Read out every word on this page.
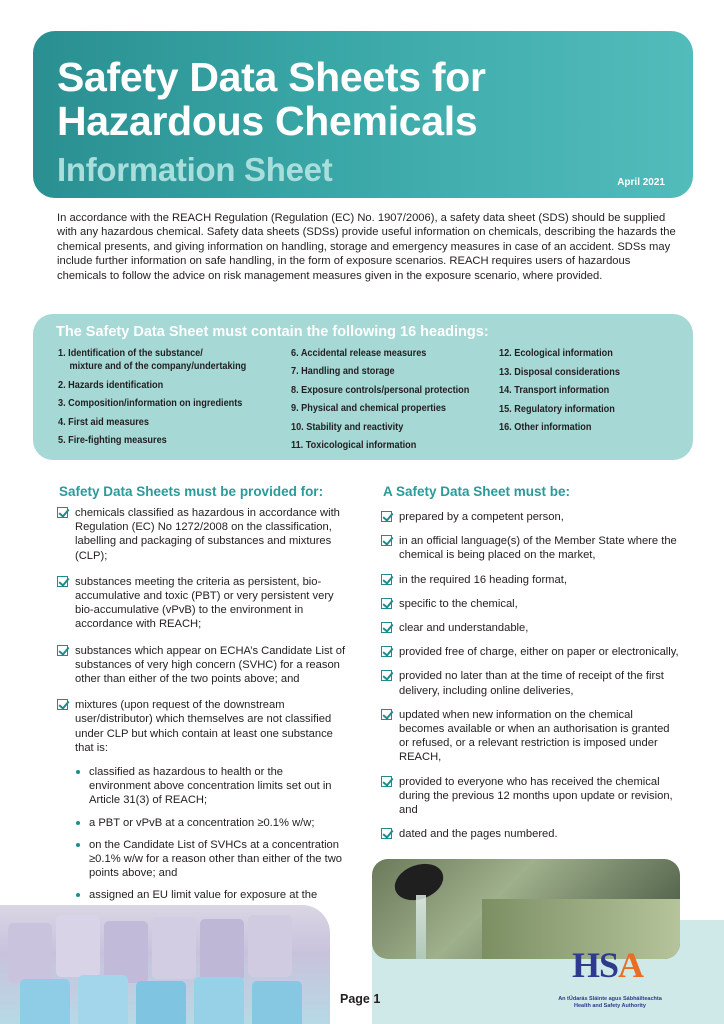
Safety Data Sheets for Hazardous Chemicals
Information Sheet	April 2021

In accordance with the REACH Regulation (Regulation (EC) No. 1907/2006), a safety data sheet (SDS) should be supplied with any hazardous chemical. Safety data sheets (SDSs) provide useful information on chemicals, describing the hazards the chemical presents, and giving information on handling, storage and emergency measures in case of an accident. SDSs may include further information on safe handling, in the form of exposure scenarios. REACH requires users of hazardous chemicals to follow the advice on risk management measures given in the exposure scenario, where provided.

The Safety Data Sheet must contain the following 16 headings:
1. Identification of the substance/
mixture and of the company/undertaking
2. Hazards identification
3. Composition/information on ingredients
4. First aid measures
5. Fire-fighting measures
6. Accidental release measures
7. Handling and storage
8. Exposure controls/personal protection
9. Physical and chemical properties
10. Stability and reactivity
11. Toxicological information
12. Ecological information
13. Disposal considerations
14. Transport information
15. Regulatory information
16. Other information
Safety Data Sheets must be provided for:
chemicals classified as hazardous in accordance with Regulation (EC) No 1272/2008 on the classification, labelling and packaging of substances and mixtures (CLP);
substances meeting the criteria as persistent, bio-accumulative and toxic (PBT) or very persistent very bio-accumulative (vPvB) to the environment in accordance with REACH;
substances which appear on ECHA’s Candidate List of substances of very high concern (SVHC) for a reason other than either of the two points above; and
mixtures (upon request of the downstream user/distributor) which themselves are not classified under CLP but which contain at least one substance that is:
classified as hazardous to health or the environment above concentration limits set out in Article 31(3) of REACH;
a PBT or vPvB at a concentration ≥0.1% w/w;
on the Candidate List of SVHCs at a concentration ≥0.1% w/w for a reason other than either of the two points above; and
assigned an EU limit value for exposure at the
A Safety Data Sheet must be:
prepared by a competent person,
in an official language(s) of the Member State where the chemical is being placed on the market,
in the required 16 heading format,
specific to the chemical,
clear and understandable,
provided free of charge, either on paper or electronically,
provided no later than at the time of receipt of the first delivery, including online deliveries,
updated when new information on the chemical becomes available or when an authorisation is granted or refused, or a relevant restriction is imposed under REACH,
provided to everyone who has received the chemical during the previous 12 months upon update or revision, and
dated and the pages numbered.
Page 1
HSA
An tÚdarás Sláinte agus Sábháilteachta
Health and Safety Authority
